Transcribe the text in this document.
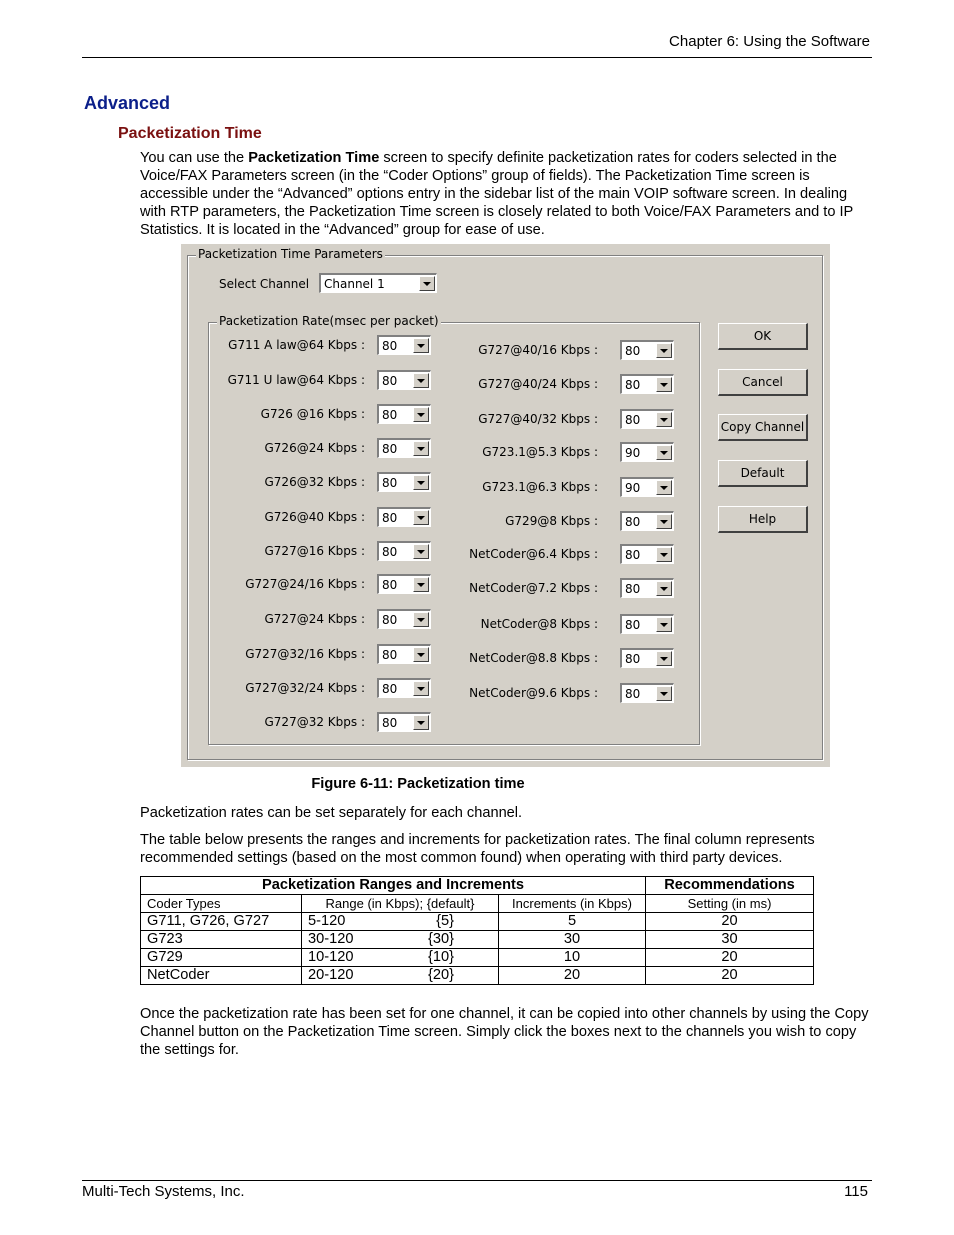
Chapter 6: Using the Software
Advanced
Packetization Time

You can use the Packetization Time screen to specify definite packetization rates for coders selected in the Voice/FAX Parameters screen (in the “Coder Options” group of fields). The Packetization Time screen is accessible under the “Advanced” options entry in the sidebar list of the main VOIP software screen. In dealing with RTP parameters, the Packetization Time screen is closely related to both Voice/FAX Parameters and to IP Statistics. It is located in the “Advanced” group for ease of use.

Packetization Time Parameters
Select Channel Channel 1
Packetization Rate(msec per packet)
G711 A law@64 Kbps : 80
G711 U law@64 Kbps : 80
G726 @16 Kbps : 80
G726@24 Kbps : 80
G726@32 Kbps : 80
G726@40 Kbps : 80
G727@16 Kbps : 80
G727@24/16 Kbps : 80
G727@24 Kbps : 80
G727@32/16 Kbps : 80
G727@32/24 Kbps : 80
G727@32 Kbps : 80
G727@40/16 Kbps : 80
G727@40/24 Kbps : 80
G727@40/32 Kbps : 80
G723.1@5.3 Kbps : 90
G723.1@6.3 Kbps : 90
G729@8 Kbps : 80
NetCoder@6.4 Kbps : 80
NetCoder@7.2 Kbps : 80
NetCoder@8 Kbps : 80
NetCoder@8.8 Kbps : 80
NetCoder@9.6 Kbps : 80
OK
Cancel
Copy Channel
Default
Help
Figure 6-11: Packetization time

Packetization rates can be set separately for each channel.

The table below presents the ranges and increments for packetization rates. The final column represents recommended settings (based on the most common found) when operating with third party devices.

Packetization Ranges and Increments			Recommendations
Coder Types	Range (in Kbps); {default}	Increments (in Kbps)	Setting (in ms)
G711, G726, G727	5-120 {5}	5	20
G723	30-120 {30}	30	30
G729	10-120 {10}	10	20
NetCoder	20-120 {20}	20	20

Once the packetization rate has been set for one channel, it can be copied into other channels by using the Copy Channel button on the Packetization Time screen. Simply click the boxes next to the channels you wish to copy the settings for.

Multi-Tech Systems, Inc.	115
